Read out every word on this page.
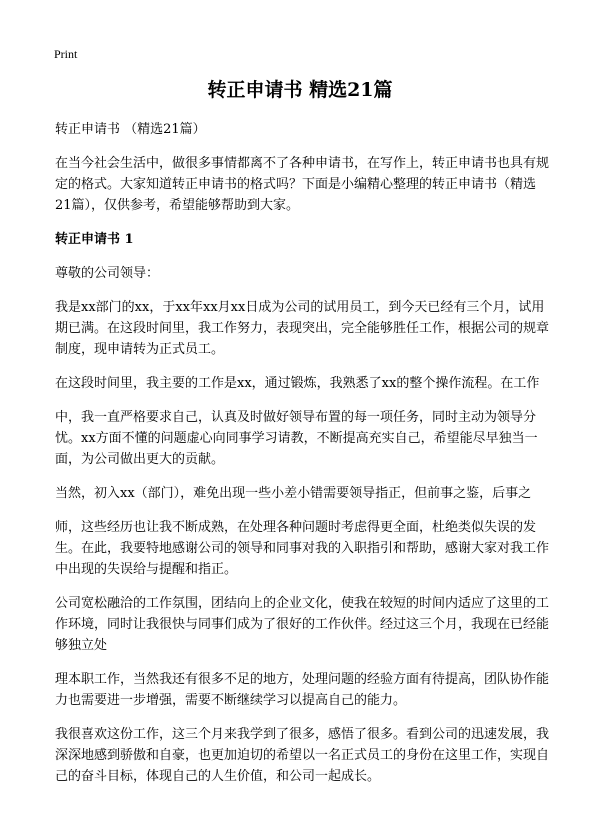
Print
转正申请书 精选21篇

转正申请书 （精选21篇）

在当今社会生活中，做很多事情都离不了各种申请书，在写作上，转正申请书也具有规定的格式。大家知道转正申请书的格式吗？下面是小编精心整理的转正申请书（精选21篇），仅供参考，希望能够帮助到大家。

转正申请书 1

尊敬的公司领导：

我是xx部门的xx，于xx年xx月xx日成为公司的试用员工，到今天已经有三个月，试用期已满。在这段时间里，我工作努力，表现突出，完全能够胜任工作，根据公司的规章制度，现申请转为正式员工。

在这段时间里，我主要的工作是xx，通过锻炼，我熟悉了xx的整个操作流程。在工作

中，我一直严格要求自己，认真及时做好领导布置的每一项任务，同时主动为领导分忧。xx方面不懂的问题虚心向同事学习请教，不断提高充实自己，希望能尽早独当一面，为公司做出更大的贡献。

当然，初入xx（部门），难免出现一些小差小错需要领导指正，但前事之鉴，后事之

师，这些经历也让我不断成熟，在处理各种问题时考虑得更全面，杜绝类似失误的发生。在此，我要特地感谢公司的领导和同事对我的入职指引和帮助，感谢大家对我工作中出现的失误给与提醒和指正。

公司宽松融洽的工作氛围，团结向上的企业文化，使我在较短的时间内适应了这里的工作环境，同时让我很快与同事们成为了很好的工作伙伴。经过这三个月，我现在已经能够独立处

理本职工作，当然我还有很多不足的地方，处理问题的经验方面有待提高，团队协作能力也需要进一步增强，需要不断继续学习以提高自己的能力。

我很喜欢这份工作，这三个月来我学到了很多，感悟了很多。看到公司的迅速发展，我深深地感到骄傲和自豪，也更加迫切的希望以一名正式员工的身份在这里工作，实现自己的奋斗目标，体现自己的人生价值，和公司一起成长。
